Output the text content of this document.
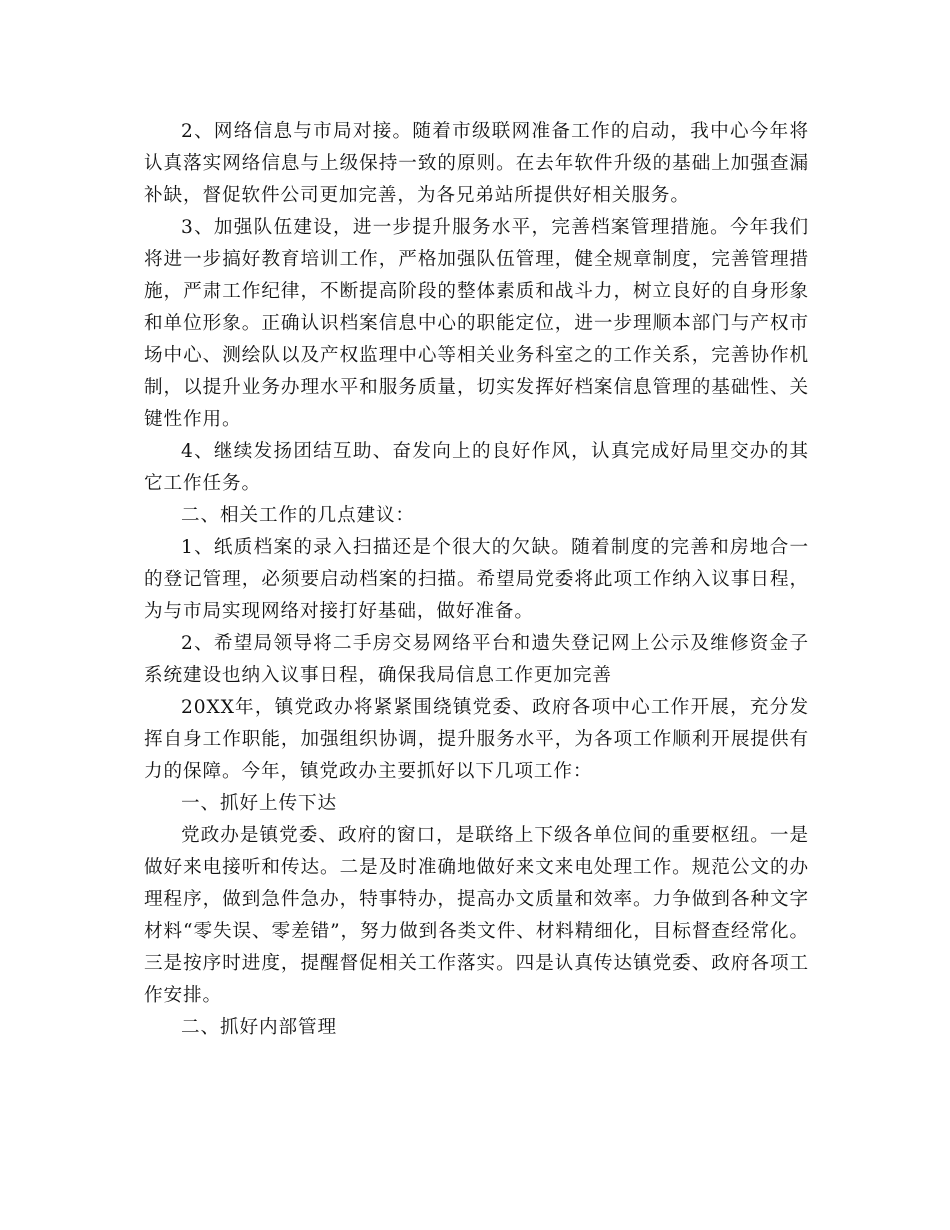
2、网络信息与市局对接。随着市级联网准备工作的启动，我中心今年将认真落实网络信息与上级保持一致的原则。在去年软件升级的基础上加强查漏补缺，督促软件公司更加完善，为各兄弟站所提供好相关服务。

3、加强队伍建设，进一步提升服务水平，完善档案管理措施。今年我们将进一步搞好教育培训工作，严格加强队伍管理，健全规章制度，完善管理措施，严肃工作纪律，不断提高阶段的整体素质和战斗力，树立良好的自身形象和单位形象。正确认识档案信息中心的职能定位，进一步理顺本部门与产权市场中心、测绘队以及产权监理中心等相关业务科室之的工作关系，完善协作机制，以提升业务办理水平和服务质量，切实发挥好档案信息管理的基础性、关键性作用。

4、继续发扬团结互助、奋发向上的良好作风，认真完成好局里交办的其它工作任务。

二、相关工作的几点建议：

1、纸质档案的录入扫描还是个很大的欠缺。随着制度的完善和房地合一的登记管理，必须要启动档案的扫描。希望局党委将此项工作纳入议事日程，为与市局实现网络对接打好基础，做好准备。

2、希望局领导将二手房交易网络平台和遗失登记网上公示及维修资金子系统建设也纳入议事日程，确保我局信息工作更加完善

20XX年，镇党政办将紧紧围绕镇党委、政府各项中心工作开展，充分发挥自身工作职能，加强组织协调，提升服务水平，为各项工作顺利开展提供有力的保障。今年，镇党政办主要抓好以下几项工作：

一、抓好上传下达

党政办是镇党委、政府的窗口，是联络上下级各单位间的重要枢纽。一是做好来电接听和传达。二是及时准确地做好来文来电处理工作。规范公文的办理程序，做到急件急办，特事特办，提高办文质量和效率。力争做到各种文字材料“零失误、零差错”，努力做到各类文件、材料精细化，目标督查经常化。三是按序时进度，提醒督促相关工作落实。四是认真传达镇党委、政府各项工作安排。

二、抓好内部管理
